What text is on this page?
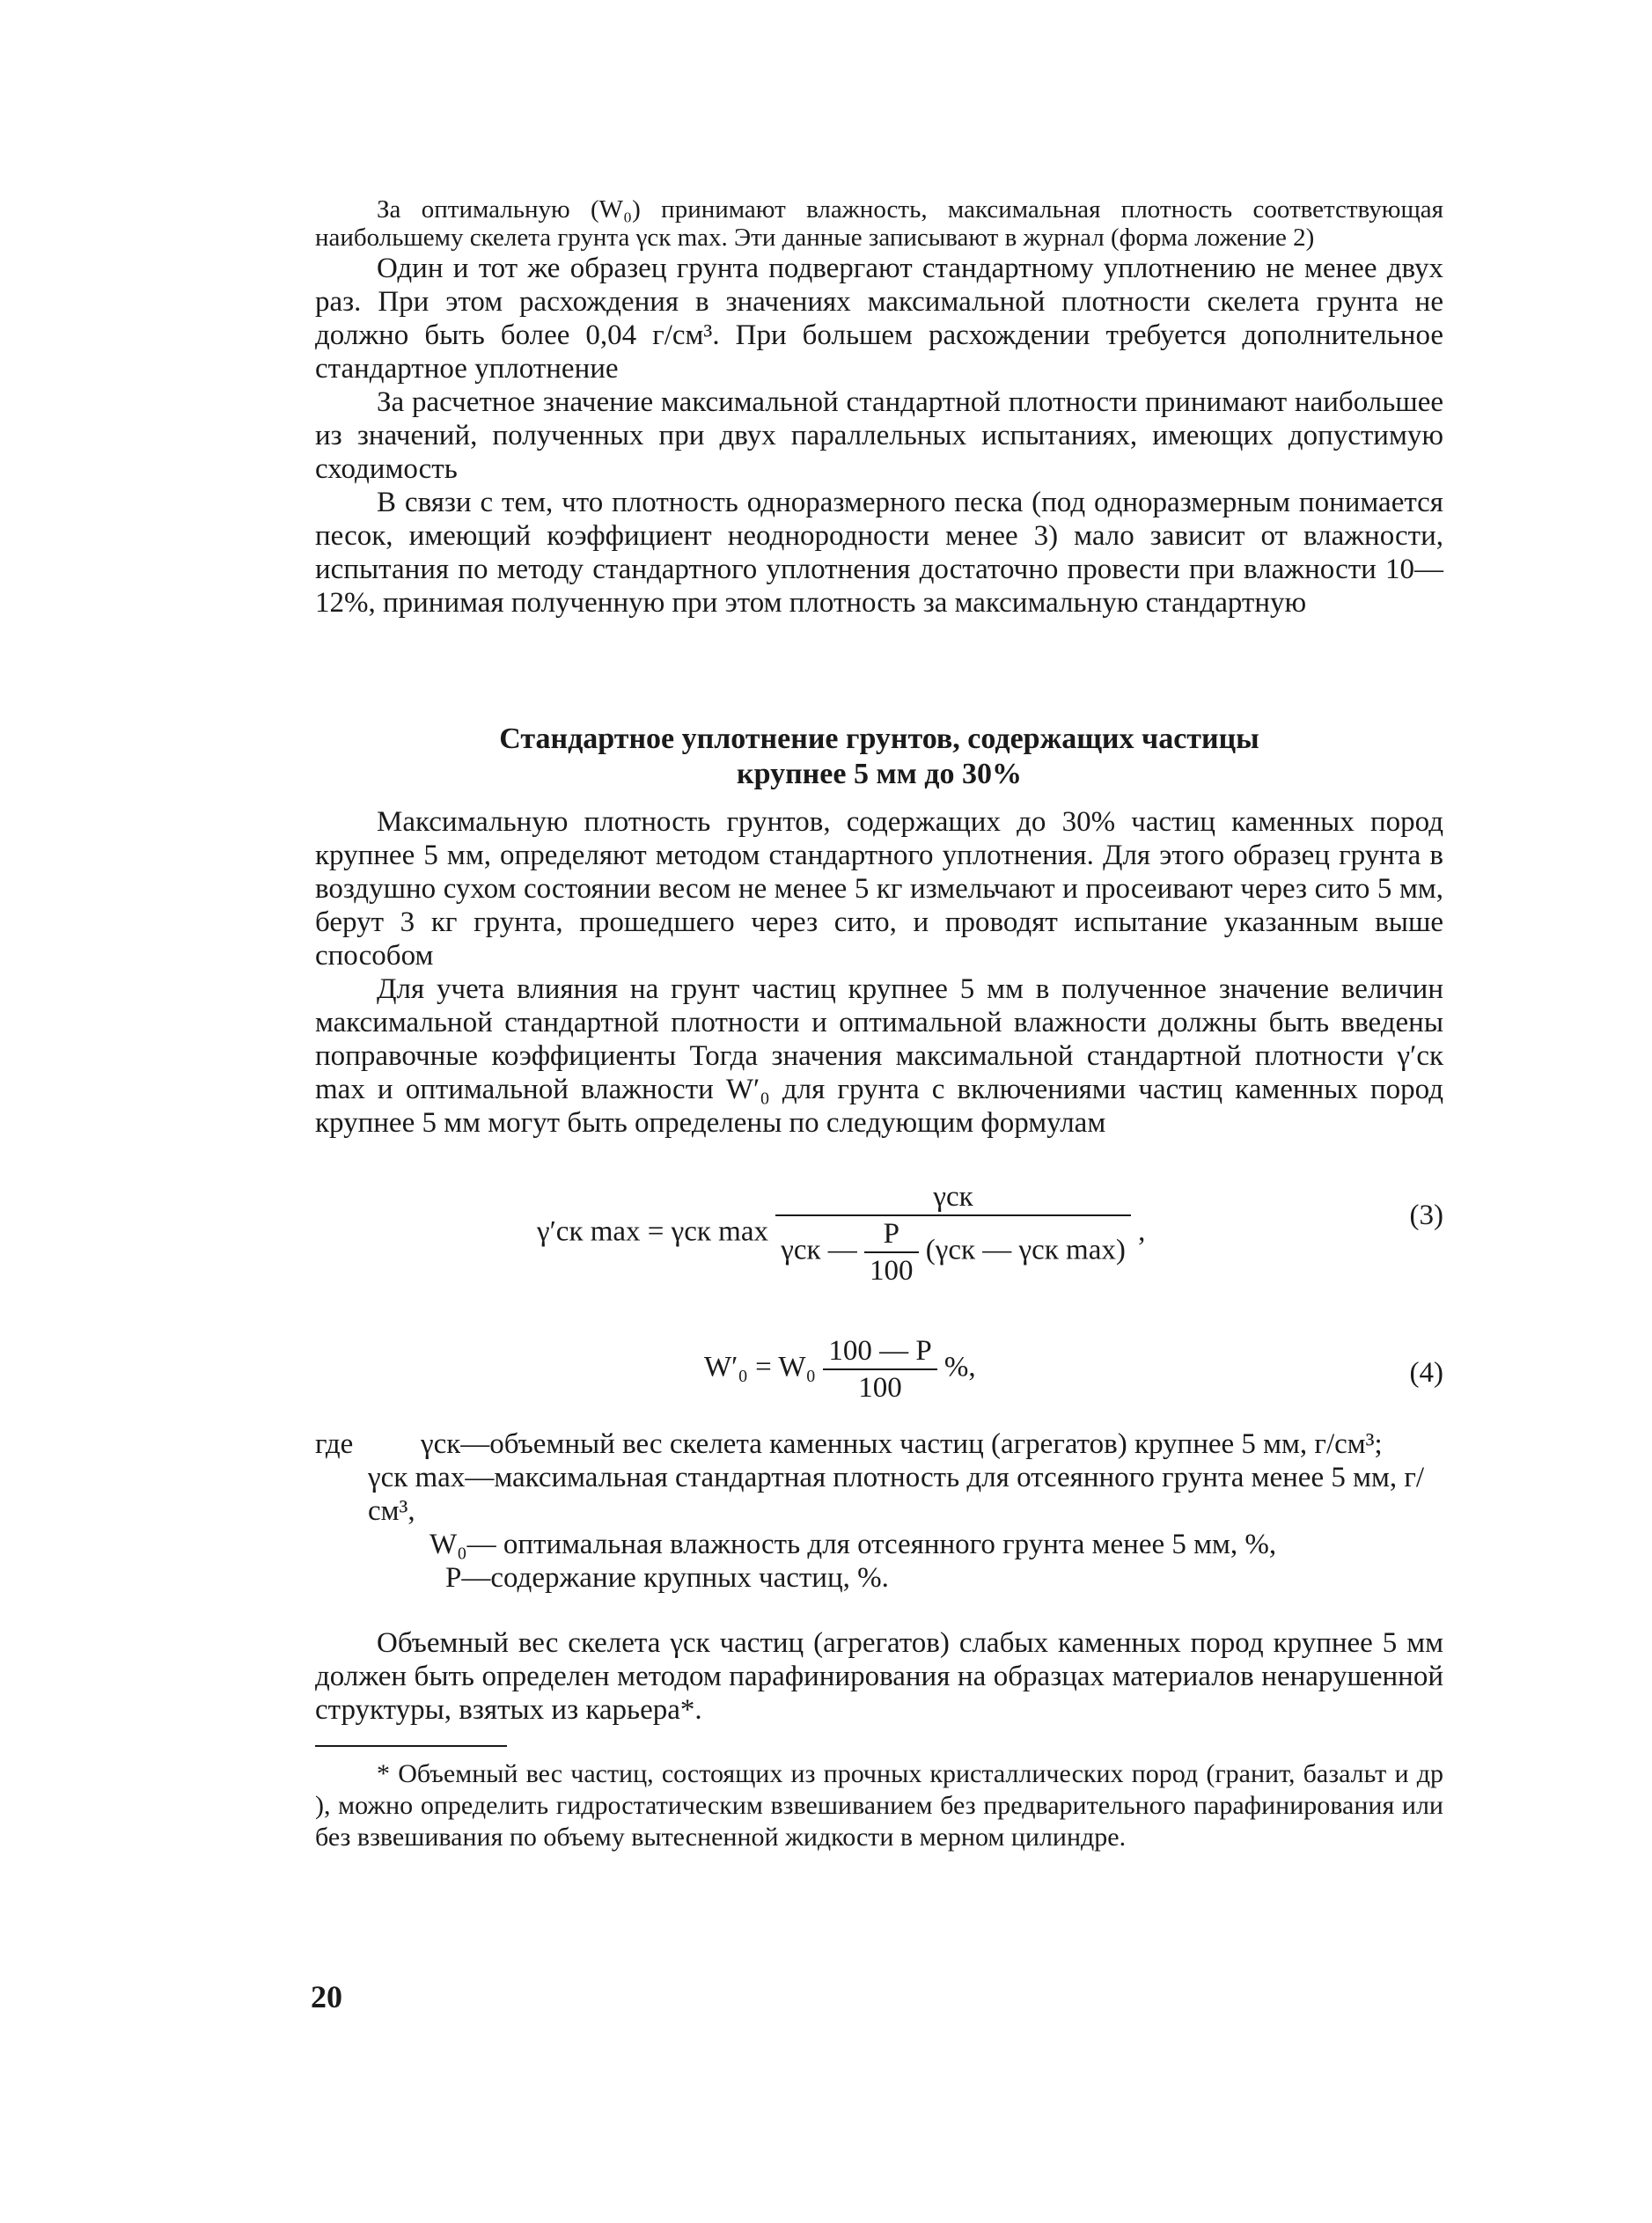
За оптимальную (W₀) принимают влажность, максимальная плотность соответствующая наибольшему скелета грунта γск max. Эти данные записывают в журнал (форма ложение 2)

Один и тот же образец грунта подвергают стандартному уплотнению не менее двух раз. При этом расхождения в значениях максимальной плотности скелета грунта не должно быть более 0,04 г/см³. При большем расхождении требуется дополнительное стандартное уплотнение

За расчетное значение максимальной стандартной плотности принимают наибольшее из значений, полученных при двух параллельных испытаниях, имеющих допустимую сходимость

В связи с тем, что плотность одноразмерного песка (под одноразмерным понимается песок, имеющий коэффициент неоднородности менее 3) мало зависит от влажности, испытания по методу стандартного уплотнения достаточно провести при влажности 10—12%, принимая полученную при этом плотность за максимальную стандартную

Стандартное уплотнение грунтов, содержащих частицы
крупнее 5 мм до 30%

Максимальную плотность грунтов, содержащих до 30% частиц каменных пород крупнее 5 мм, определяют методом стандартного уплотнения. Для этого образец грунта в воздушно сухом состоянии весом не менее 5 кг измельчают и просеивают через сито 5 мм, берут 3 кг грунта, прошедшего через сито, и проводят испытание указанным выше способом

Для учета влияния на грунт частиц крупнее 5 мм в полученное значение величин максимальной стандартной плотности и оптимальной влажности должны быть введены поправочные коэффициенты Тогда значения максимальной стандартной плотности γ′ск max и оптимальной влажности W′₀ для грунта с включениями частиц каменных пород крупнее 5 мм могут быть определены по следующим формулам

γ′ск max = γск max
γск
γск — $\frac{P}{100} (\gamma ск$ — γск max)
,
(3)
$W'_0 = W_0 \frac{100 — P}{100}$ %,	(4)
где	γск—объемный вес скелета каменных частиц (агрегатов) крупнее 5 мм, г/см³;
γск max—максимальная стандартная плотность для отсеянного грунта менее 5 мм, г/см³,
W₀— оптимальная влажность для отсеянного грунта менее 5 мм, %,
P—содержание крупных частиц, %.

Объемный вес скелета γск частиц (агрегатов) слабых каменных пород крупнее 5 мм должен быть определен методом парафинирования на образцах материалов ненарушенной структуры, взятых из карьера*.

* Объемный вес частиц, состоящих из прочных кристаллических пород (гранит, базальт и др ), можно определить гидростатическим взвешиванием без предварительного парафинирования или без взвешивания по объему вытесненной жидкости в мерном цилиндре.

20
